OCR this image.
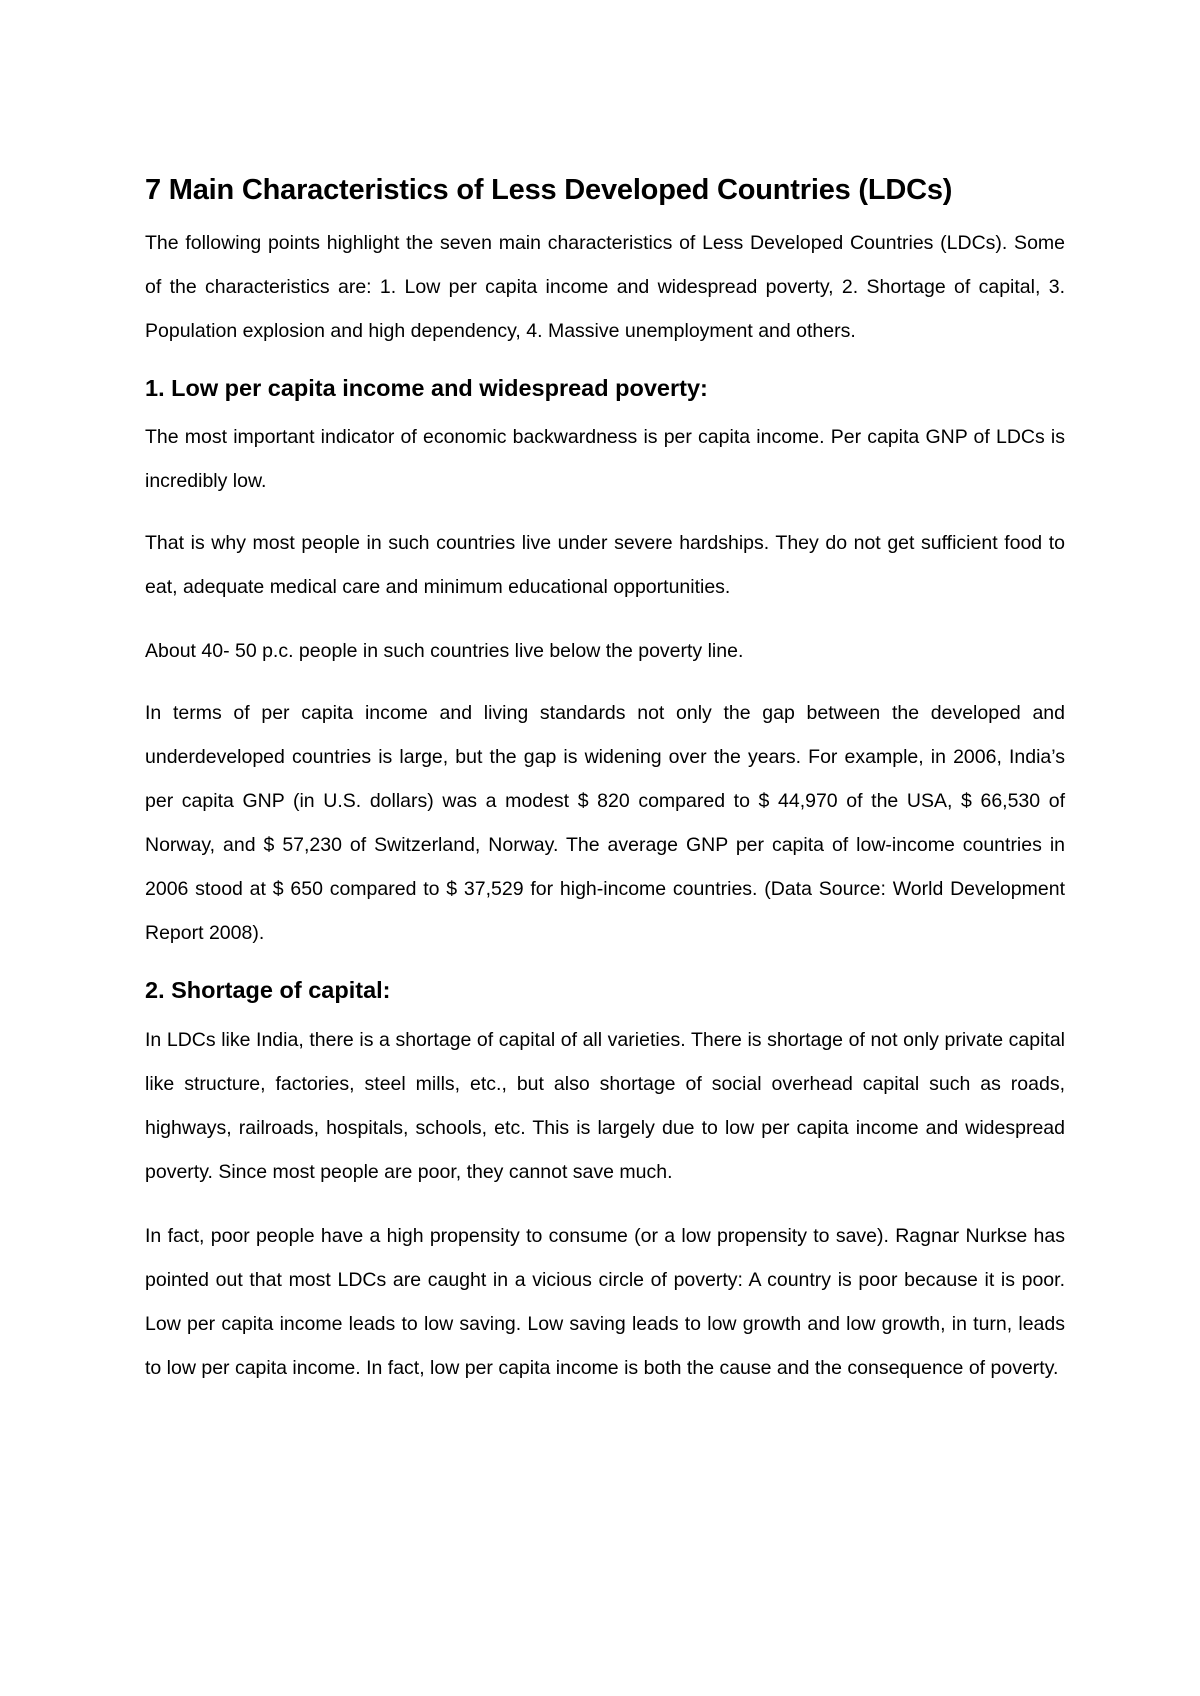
7 Main Characteristics of Less Developed Countries (LDCs)

The following points highlight the seven main characteristics of Less Developed Countries (LDCs). Some of the characteristics are: 1. Low per capita income and widespread poverty, 2. Shortage of capital, 3. Population explosion and high dependency, 4. Massive unemployment and others.

1. Low per capita income and widespread poverty:

The most important indicator of economic backwardness is per capita income. Per capita GNP of LDCs is incredibly low.

That is why most people in such countries live under severe hardships. They do not get sufficient food to eat, adequate medical care and minimum educational opportunities.

About 40- 50 p.c. people in such countries live below the poverty line.

In terms of per capita income and living standards not only the gap between the developed and underdeveloped countries is large, but the gap is widening over the years. For example, in 2006, India’s per capita GNP (in U.S. dollars) was a modest $ 820 compared to $ 44,970 of the USA, $ 66,530 of Norway, and $ 57,230 of Switzerland, Norway. The average GNP per capita of low-income countries in 2006 stood at $ 650 compared to $ 37,529 for high-income countries. (Data Source: World Development Report 2008).

2. Shortage of capital:

In LDCs like India, there is a shortage of capital of all varieties. There is shortage of not only private capital like structure, factories, steel mills, etc., but also shortage of social overhead capital such as roads, highways, railroads, hospitals, schools, etc. This is largely due to low per capita income and widespread poverty. Since most people are poor, they cannot save much.

In fact, poor people have a high propensity to consume (or a low propensity to save). Ragnar Nurkse has pointed out that most LDCs are caught in a vicious circle of poverty: A country is poor because it is poor. Low per capita income leads to low saving. Low saving leads to low growth and low growth, in turn, leads to low per capita income. In fact, low per capita income is both the cause and the consequence of poverty.
